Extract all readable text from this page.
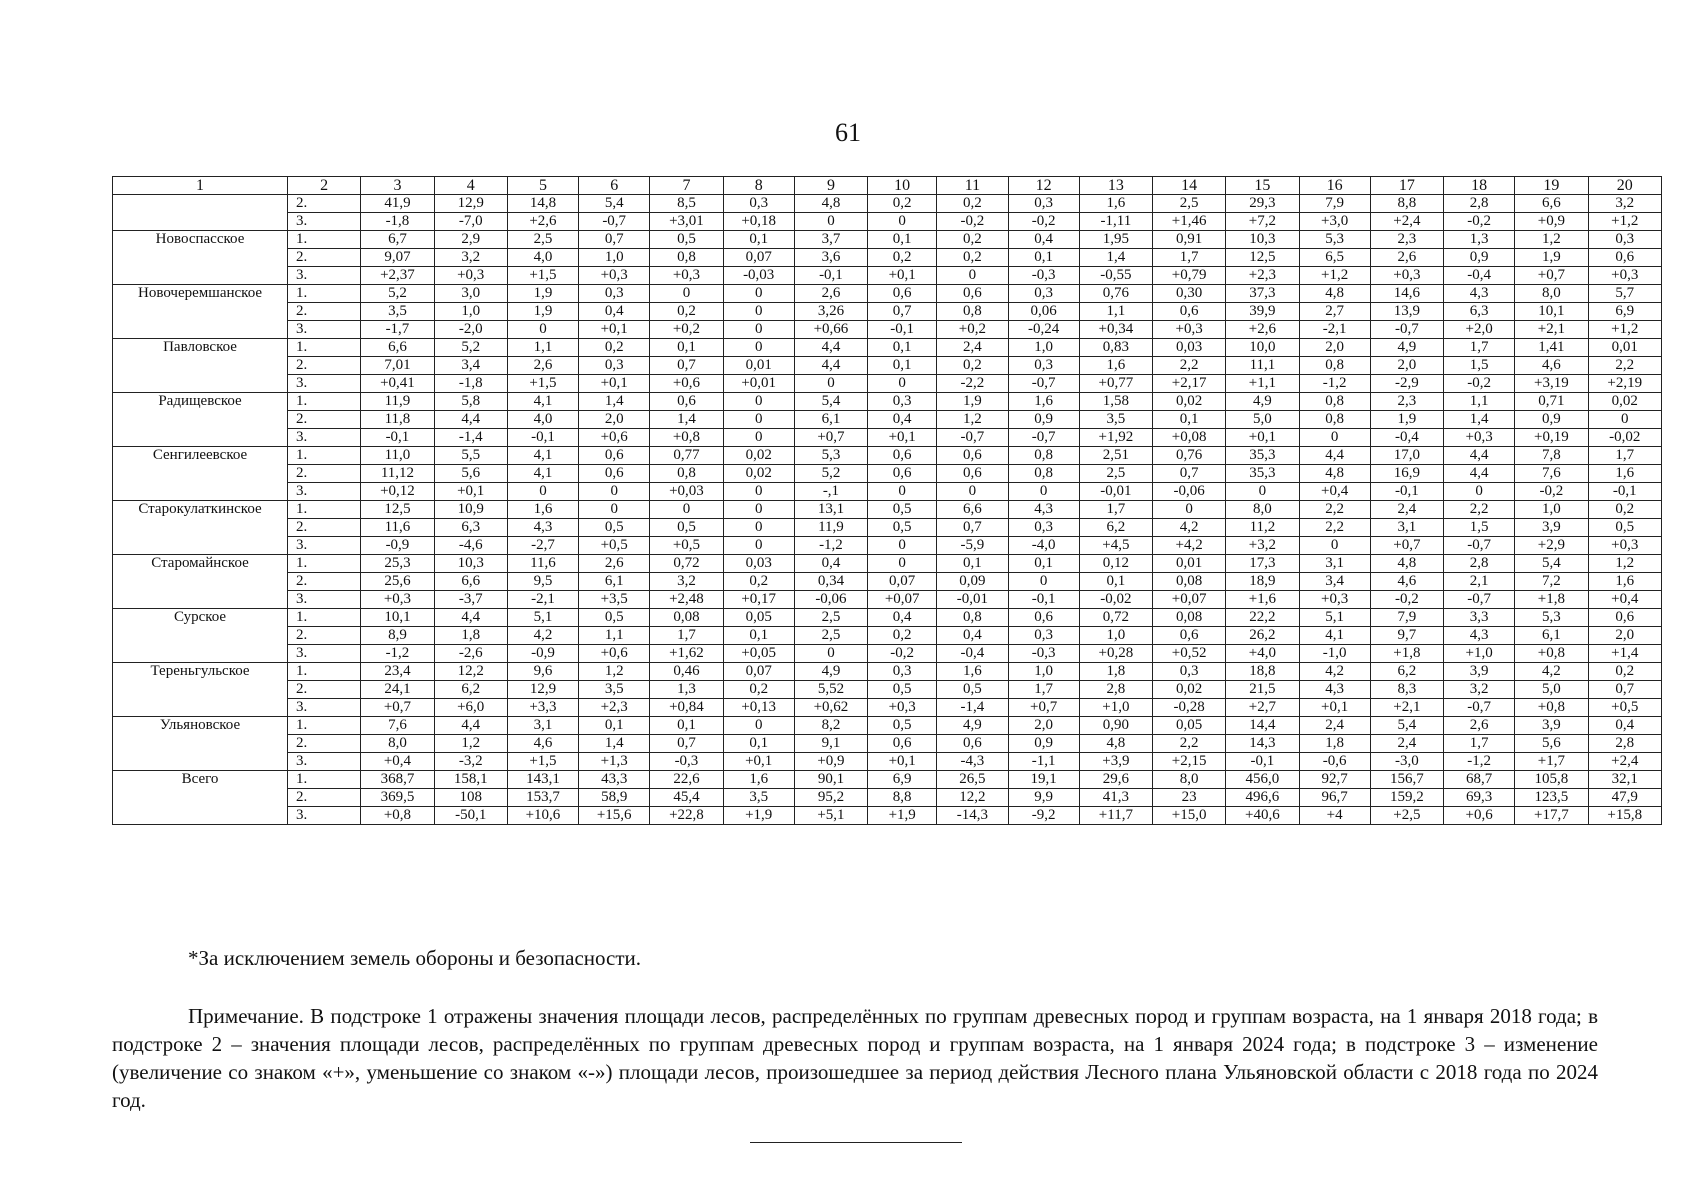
61
1	2	3	4	5	6	7	8	9	10	11	12	13	14	15	16	17	18	19	20
	2.	41,9	12,9	14,8	5,4	8,5	0,3	4,8	0,2	0,2	0,3	1,6	2,5	29,3	7,9	8,8	2,8	6,6	3,2
	3.	-1,8	-7,0	+2,6	-0,7	+3,01	+0,18	0	0	-0,2	-0,2	-1,11	+1,46	+7,2	+3,0	+2,4	-0,2	+0,9	+1,2
Новоспасское	1.	6,7	2,9	2,5	0,7	0,5	0,1	3,7	0,1	0,2	0,4	1,95	0,91	10,3	5,3	2,3	1,3	1,2	0,3
	2.	9,07	3,2	4,0	1,0	0,8	0,07	3,6	0,2	0,2	0,1	1,4	1,7	12,5	6,5	2,6	0,9	1,9	0,6
	3.	+2,37	+0,3	+1,5	+0,3	+0,3	-0,03	-0,1	+0,1	0	-0,3	-0,55	+0,79	+2,3	+1,2	+0,3	-0,4	+0,7	+0,3
Новочеремшанское	1.	5,2	3,0	1,9	0,3	0	0	2,6	0,6	0,6	0,3	0,76	0,30	37,3	4,8	14,6	4,3	8,0	5,7
	2.	3,5	1,0	1,9	0,4	0,2	0	3,26	0,7	0,8	0,06	1,1	0,6	39,9	2,7	13,9	6,3	10,1	6,9
	3.	-1,7	-2,0	0	+0,1	+0,2	0	+0,66	-0,1	+0,2	-0,24	+0,34	+0,3	+2,6	-2,1	-0,7	+2,0	+2,1	+1,2
Павловское	1.	6,6	5,2	1,1	0,2	0,1	0	4,4	0,1	2,4	1,0	0,83	0,03	10,0	2,0	4,9	1,7	1,41	0,01
	2.	7,01	3,4	2,6	0,3	0,7	0,01	4,4	0,1	0,2	0,3	1,6	2,2	11,1	0,8	2,0	1,5	4,6	2,2
	3.	+0,41	-1,8	+1,5	+0,1	+0,6	+0,01	0	0	-2,2	-0,7	+0,77	+2,17	+1,1	-1,2	-2,9	-0,2	+3,19	+2,19
Радищевское	1.	11,9	5,8	4,1	1,4	0,6	0	5,4	0,3	1,9	1,6	1,58	0,02	4,9	0,8	2,3	1,1	0,71	0,02
	2.	11,8	4,4	4,0	2,0	1,4	0	6,1	0,4	1,2	0,9	3,5	0,1	5,0	0,8	1,9	1,4	0,9	0
	3.	-0,1	-1,4	-0,1	+0,6	+0,8	0	+0,7	+0,1	-0,7	-0,7	+1,92	+0,08	+0,1	0	-0,4	+0,3	+0,19	-0,02
Сенгилеевское	1.	11,0	5,5	4,1	0,6	0,77	0,02	5,3	0,6	0,6	0,8	2,51	0,76	35,3	4,4	17,0	4,4	7,8	1,7
	2.	11,12	5,6	4,1	0,6	0,8	0,02	5,2	0,6	0,6	0,8	2,5	0,7	35,3	4,8	16,9	4,4	7,6	1,6
	3.	+0,12	+0,1	0	0	+0,03	0	-,1	0	0	0	-0,01	-0,06	0	+0,4	-0,1	0	-0,2	-0,1
Старокулаткинское	1.	12,5	10,9	1,6	0	0	0	13,1	0,5	6,6	4,3	1,7	0	8,0	2,2	2,4	2,2	1,0	0,2
	2.	11,6	6,3	4,3	0,5	0,5	0	11,9	0,5	0,7	0,3	6,2	4,2	11,2	2,2	3,1	1,5	3,9	0,5
	3.	-0,9	-4,6	-2,7	+0,5	+0,5	0	-1,2	0	-5,9	-4,0	+4,5	+4,2	+3,2	0	+0,7	-0,7	+2,9	+0,3
Старомайнское	1.	25,3	10,3	11,6	2,6	0,72	0,03	0,4	0	0,1	0,1	0,12	0,01	17,3	3,1	4,8	2,8	5,4	1,2
	2.	25,6	6,6	9,5	6,1	3,2	0,2	0,34	0,07	0,09	0	0,1	0,08	18,9	3,4	4,6	2,1	7,2	1,6
	3.	+0,3	-3,7	-2,1	+3,5	+2,48	+0,17	-0,06	+0,07	-0,01	-0,1	-0,02	+0,07	+1,6	+0,3	-0,2	-0,7	+1,8	+0,4
Сурское	1.	10,1	4,4	5,1	0,5	0,08	0,05	2,5	0,4	0,8	0,6	0,72	0,08	22,2	5,1	7,9	3,3	5,3	0,6
	2.	8,9	1,8	4,2	1,1	1,7	0,1	2,5	0,2	0,4	0,3	1,0	0,6	26,2	4,1	9,7	4,3	6,1	2,0
	3.	-1,2	-2,6	-0,9	+0,6	+1,62	+0,05	0	-0,2	-0,4	-0,3	+0,28	+0,52	+4,0	-1,0	+1,8	+1,0	+0,8	+1,4
Тереньгульское	1.	23,4	12,2	9,6	1,2	0,46	0,07	4,9	0,3	1,6	1,0	1,8	0,3	18,8	4,2	6,2	3,9	4,2	0,2
	2.	24,1	6,2	12,9	3,5	1,3	0,2	5,52	0,5	0,5	1,7	2,8	0,02	21,5	4,3	8,3	3,2	5,0	0,7
	3.	+0,7	+6,0	+3,3	+2,3	+0,84	+0,13	+0,62	+0,3	-1,4	+0,7	+1,0	-0,28	+2,7	+0,1	+2,1	-0,7	+0,8	+0,5
Ульяновское	1.	7,6	4,4	3,1	0,1	0,1	0	8,2	0,5	4,9	2,0	0,90	0,05	14,4	2,4	5,4	2,6	3,9	0,4
	2.	8,0	1,2	4,6	1,4	0,7	0,1	9,1	0,6	0,6	0,9	4,8	2,2	14,3	1,8	2,4	1,7	5,6	2,8
	3.	+0,4	-3,2	+1,5	+1,3	-0,3	+0,1	+0,9	+0,1	-4,3	-1,1	+3,9	+2,15	-0,1	-0,6	-3,0	-1,2	+1,7	+2,4
Всего	1.	368,7	158,1	143,1	43,3	22,6	1,6	90,1	6,9	26,5	19,1	29,6	8,0	456,0	92,7	156,7	68,7	105,8	32,1
	2.	369,5	108	153,7	58,9	45,4	3,5	95,2	8,8	12,2	9,9	41,3	23	496,6	96,7	159,2	69,3	123,5	47,9
	3.	+0,8	-50,1	+10,6	+15,6	+22,8	+1,9	+5,1	+1,9	-14,3	-9,2	+11,7	+15,0	+40,6	+4	+2,5	+0,6	+17,7	+15,8
*За исключением земель обороны и безопасности.
Примечание. В подстроке 1 отражены значения площади лесов, распределённых по группам древесных пород и группам возраста, на 1 января 2018 года; в подстроке 2 – значения площади лесов, распределённых по группам древесных пород и группам возраста, на 1 января 2024 года; в подстроке 3 – изменение (увеличение со знаком «+», уменьшение со знаком «-») площади лесов, произошедшее за период действия Лесного плана Ульяновской области с 2018 года по 2024 год.
